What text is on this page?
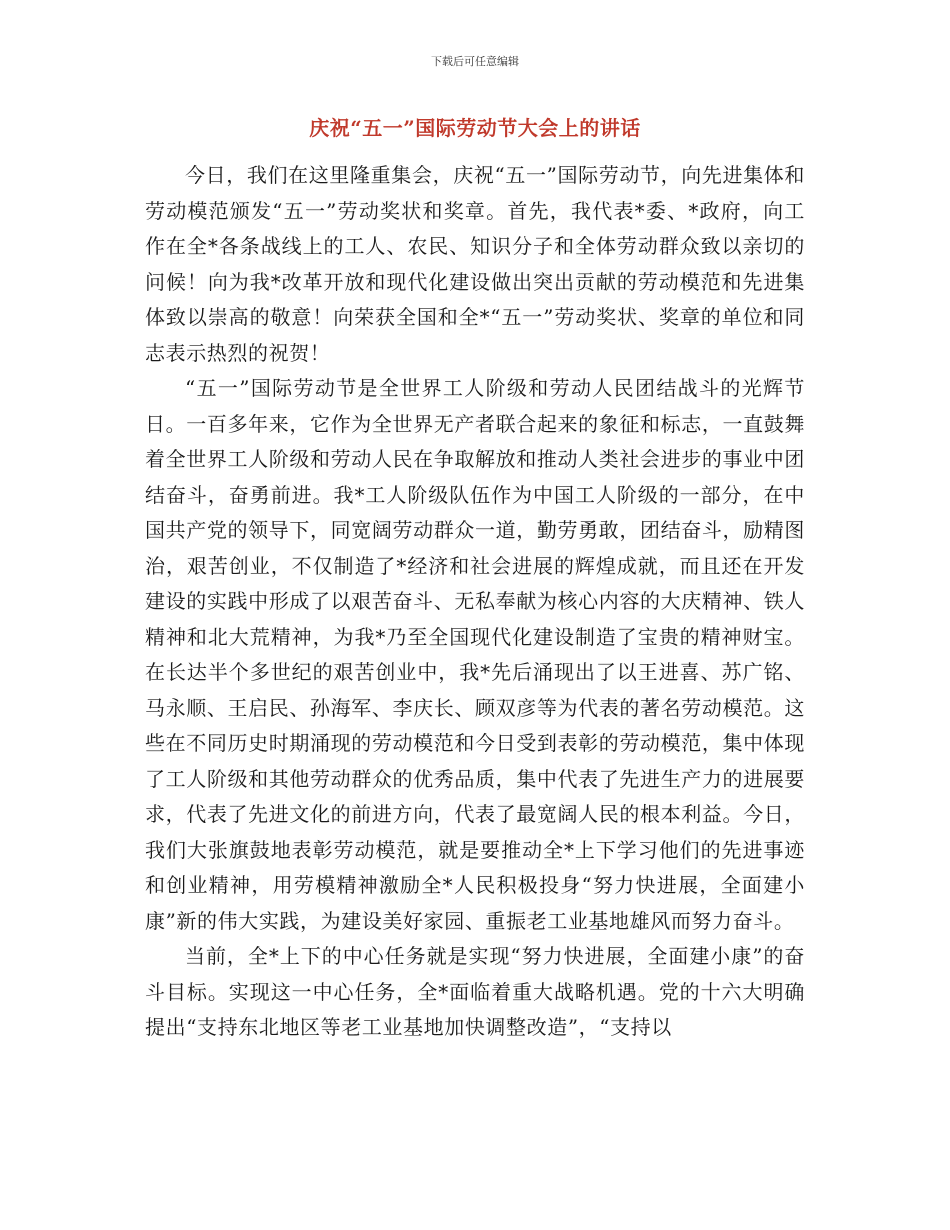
下载后可任意编辑
庆祝“五一”国际劳动节大会上的讲话

今日，我们在这里隆重集会，庆祝“五一”国际劳动节，向先进集体和劳动模范颁发“五一”劳动奖状和奖章。首先，我代表*委、*政府，向工作在全*各条战线上的工人、农民、知识分子和全体劳动群众致以亲切的问候！向为我*改革开放和现代化建设做出突出贡献的劳动模范和先进集体致以崇高的敬意！向荣获全国和全*“五一”劳动奖状、奖章的单位和同志表示热烈的祝贺！

“五一”国际劳动节是全世界工人阶级和劳动人民团结战斗的光辉节日。一百多年来，它作为全世界无产者联合起来的象征和标志，一直鼓舞着全世界工人阶级和劳动人民在争取解放和推动人类社会进步的事业中团结奋斗，奋勇前进。我*工人阶级队伍作为中国工人阶级的一部分，在中国共产党的领导下，同宽阔劳动群众一道，勤劳勇敢，团结奋斗，励精图治，艰苦创业，不仅制造了*经济和社会进展的辉煌成就，而且还在开发建设的实践中形成了以艰苦奋斗、无私奉献为核心内容的大庆精神、铁人精神和北大荒精神，为我*乃至全国现代化建设制造了宝贵的精神财宝。在长达半个多世纪的艰苦创业中，我*先后涌现出了以王进喜、苏广铭、马永顺、王启民、孙海军、李庆长、顾双彦等为代表的著名劳动模范。这些在不同历史时期涌现的劳动模范和今日受到表彰的劳动模范，集中体现了工人阶级和其他劳动群众的优秀品质，集中代表了先进生产力的进展要求，代表了先进文化的前进方向，代表了最宽阔人民的根本利益。今日，我们大张旗鼓地表彰劳动模范，就是要推动全*上下学习他们的先进事迹和创业精神，用劳模精神激励全*人民积极投身“努力快进展，全面建小康”新的伟大实践，为建设美好家园、重振老工业基地雄风而努力奋斗。

当前，全*上下的中心任务就是实现“努力快进展，全面建小康”的奋斗目标。实现这一中心任务，全*面临着重大战略机遇。党的十六大明确提出“支持东北地区等老工业基地加快调整改造”，“支持以
